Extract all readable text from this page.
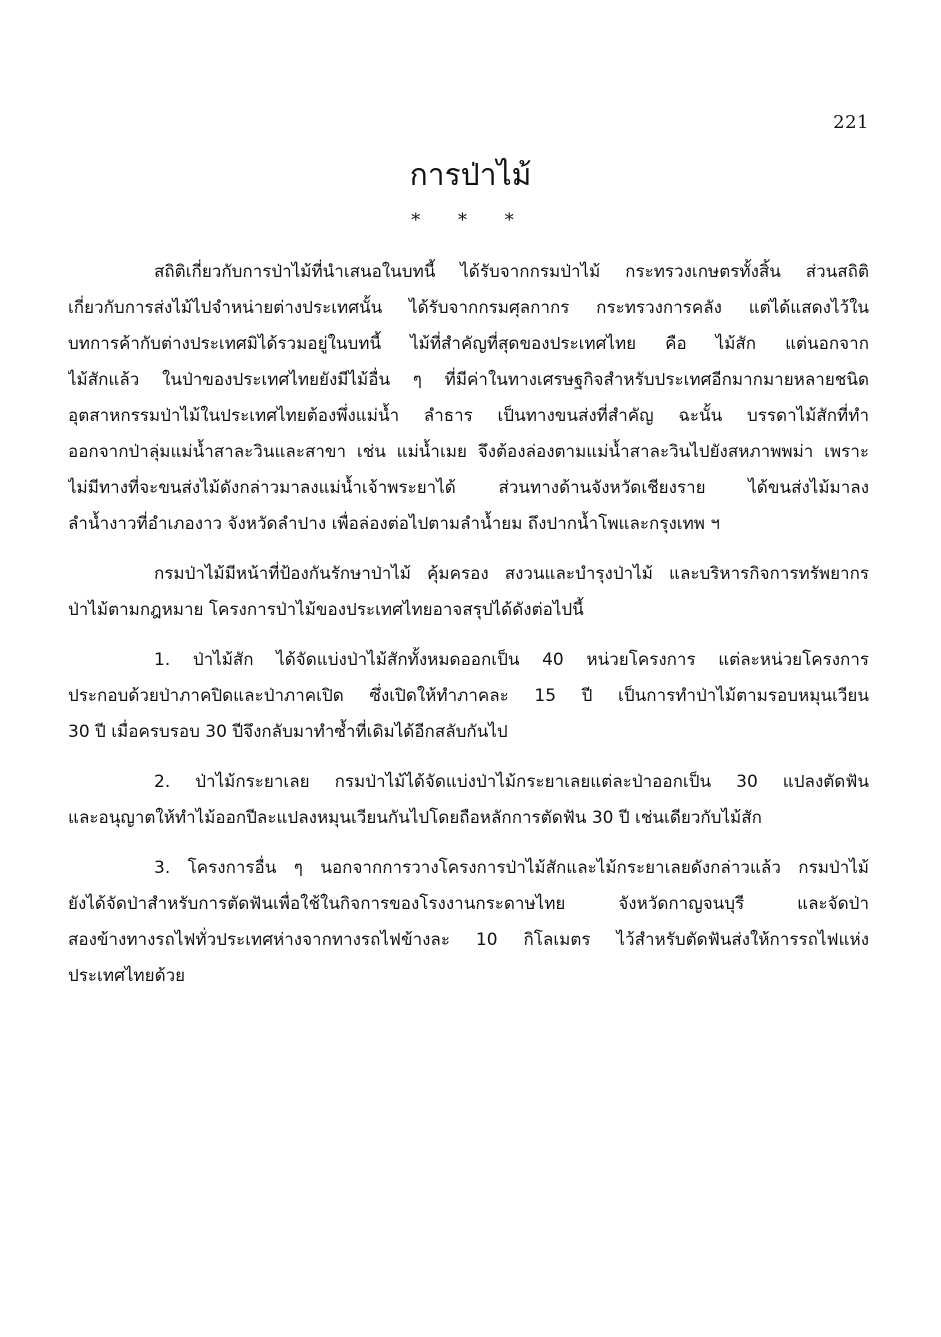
221
การป่าไม้
* * *
สถิติเกี่ยวกับการป่าไม้ที่นำเสนอในบทนี้ ได้รับจากกรมป่าไม้ กระทรวงเกษตรทั้งสิ้น ส่วนสถิติ
เกี่ยวกับการส่งไม้ไปจำหน่ายต่างประเทศนั้น ได้รับจากกรมศุลกากร กระทรวงการคลัง แต่ได้แสดงไว้ใน
บทการค้ากับต่างประเทศมิได้รวมอยู่ในบทนี้ ไม้ที่สำคัญที่สุดของประเทศไทย คือ ไม้สัก แต่นอกจาก
ไม้สักแล้ว ในป่าของประเทศไทยยังมีไม้อื่น ๆ ที่มีค่าในทางเศรษฐกิจสำหรับประเทศอีกมากมายหลายชนิด
อุตสาหกรรมป่าไม้ในประเทศไทยต้องพึ่งแม่น้ำ ลำธาร เป็นทางขนส่งที่สำคัญ ฉะนั้น บรรดาไม้สักที่ทำ
ออกจากป่าลุ่มแม่น้ำสาละวินและสาขา เช่น แม่น้ำเมย จึงต้องล่องตามแม่น้ำสาละวินไปยังสหภาพพม่า เพราะ
ไม่มีทางที่จะขนส่งไม้ดังกล่าวมาลงแม่น้ำเจ้าพระยาได้ ส่วนทางด้านจังหวัดเชียงราย ได้ขนส่งไม้มาลง
ลำน้ำงาวที่อำเภองาว จังหวัดลำปาง เพื่อล่องต่อไปตามลำน้ำยม ถึงปากน้ำโพและกรุงเทพ ฯ
กรมป่าไม้มีหน้าที่ป้องกันรักษาป่าไม้ คุ้มครอง สงวนและบำรุงป่าไม้ และบริหารกิจการทรัพยากร
ป่าไม้ตามกฎหมาย โครงการป่าไม้ของประเทศไทยอาจสรุปได้ดังต่อไปนี้
1. ป่าไม้สัก ได้จัดแบ่งป่าไม้สักทั้งหมดออกเป็น 40 หน่วยโครงการ แต่ละหน่วยโครงการ
ประกอบด้วยป่าภาคปิดและป่าภาคเปิด ซึ่งเปิดให้ทำภาคละ 15 ปี เป็นการทำป่าไม้ตามรอบหมุนเวียน
30 ปี เมื่อครบรอบ 30 ปีจึงกลับมาทำซ้ำที่เดิมได้อีกสลับกันไป
2. ป่าไม้กระยาเลย กรมป่าไม้ได้จัดแบ่งป่าไม้กระยาเลยแต่ละป่าออกเป็น 30 แปลงตัดฟัน
และอนุญาตให้ทำไม้ออกปีละแปลงหมุนเวียนกันไปโดยถือหลักการตัดฟัน 30 ปี เช่นเดียวกับไม้สัก
3. โครงการอื่น ๆ นอกจากการวางโครงการป่าไม้สักและไม้กระยาเลยดังกล่าวแล้ว กรมป่าไม้
ยังได้จัดป่าสำหรับการตัดฟันเพื่อใช้ในกิจการของโรงงานกระดาษไทย จังหวัดกาญจนบุรี และจัดป่า
สองข้างทางรถไฟทั่วประเทศห่างจากทางรถไฟข้างละ 10 กิโลเมตร ไว้สำหรับตัดฟันส่งให้การรถไฟแห่ง
ประเทศไทยด้วย
